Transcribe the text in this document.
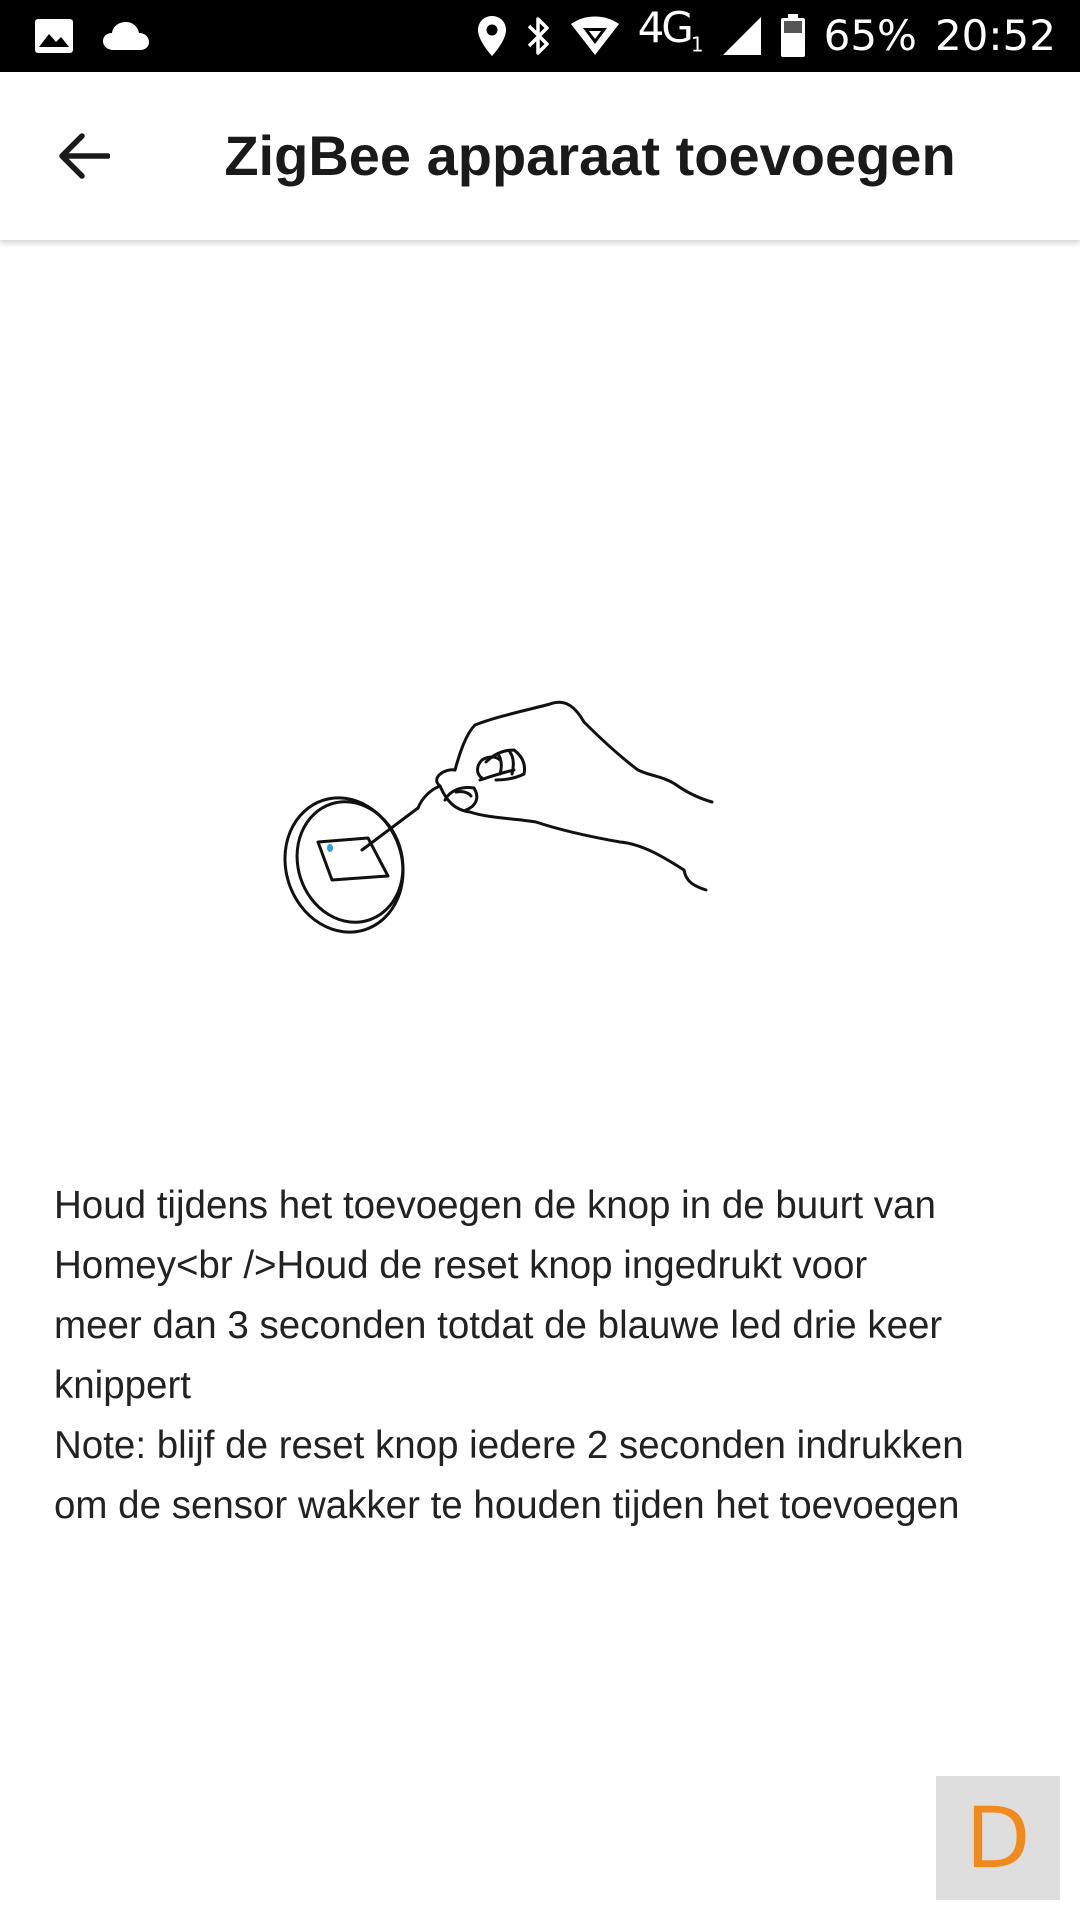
$4G_1$	65% 20:52
ZigBee apparaat toevoegen
Houd tijdens het toevoegen de knop in de buurt van
Homey<br />Houd de reset knop ingedrukt voor
meer dan 3 seconden totdat de blauwe led drie keer
knippert
Note: blijf de reset knop iedere 2 seconden indrukken
om de sensor wakker te houden tijden het toevoegen
D
